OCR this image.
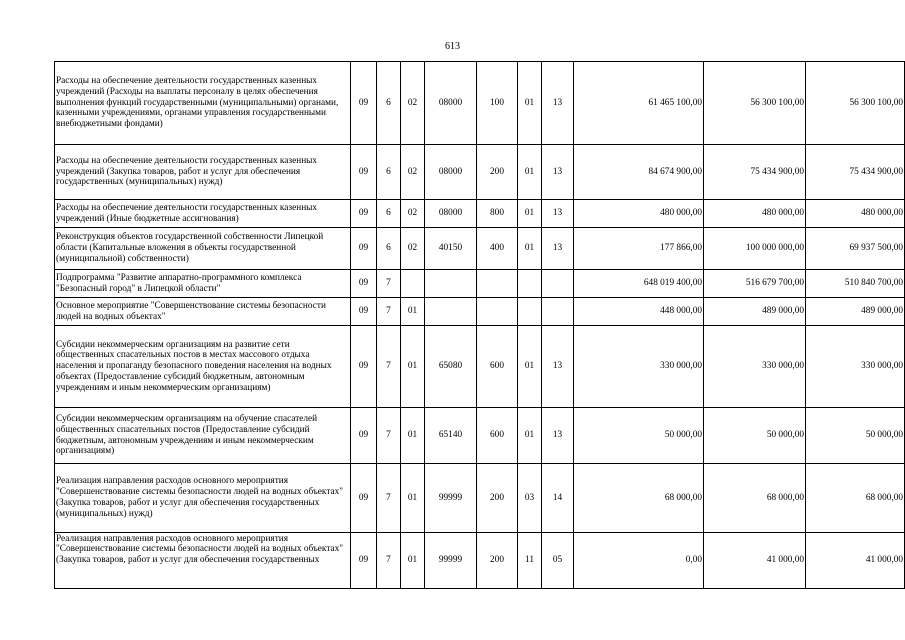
613
Расходы на обеспечение деятельности государственных казенных учреждений (Расходы на выплаты персоналу в целях обеспечения выполнения функций государственными (муниципальными) органами, казенными учреждениями, органами управления государственными внебюджетными фондами)	09	6	02	08000	100	01	13	61 465 100,00	56 300 100,00	56 300 100,00
Расходы на обеспечение деятельности государственных казенных учреждений (Закупка товаров, работ и услуг для обеспечения государственных (муниципальных) нужд)	09	6	02	08000	200	01	13	84 674 900,00	75 434 900,00	75 434 900,00
Расходы на обеспечение деятельности государственных казенных учреждений (Иные бюджетные ассигнования)	09	6	02	08000	800	01	13	480 000,00	480 000,00	480 000,00
Реконструкция объектов государственной собственности Липецкой области (Капитальные вложения в объекты государственной (муниципальной) собственности)	09	6	02	40150	400	01	13	177 866,00	100 000 000,00	69 937 500,00
Подпрограмма "Развитие аппаратно-программного комплекса "Безопасный город" в Липецкой области"	09	7						648 019 400,00	516 679 700,00	510 840 700,00
Основное мероприятие "Совершенствование системы безопасности людей на водных объектах"	09	7	01					448 000,00	489 000,00	489 000,00
Субсидии некоммерческим организациям на развитие сети общественных спасательных постов в местах массового отдыха населения и пропаганду безопасного поведения населения на водных объектах (Предоставление субсидий бюджетным, автономным учреждениям и иным некоммерческим организациям)	09	7	01	65080	600	01	13	330 000,00	330 000,00	330 000,00
Субсидии некоммерческим организациям на обучение спасателей общественных спасательных постов (Предоставление субсидий бюджетным, автономным учреждениям и иным некоммерческим организациям)	09	7	01	65140	600	01	13	50 000,00	50 000,00	50 000,00
Реализация направления расходов основного мероприятия "Совершенствование системы безопасности людей на водных объектах" (Закупка товаров, работ и услуг для обеспечения государственных (муниципальных) нужд)	09	7	01	99999	200	03	14	68 000,00	68 000,00	68 000,00

Реализация направления расходов основного мероприятия "Совершенствование системы безопасности людей на водных объектах" (Закупка товаров, работ и услуг для обеспечения государственных	09	7	01	99999	200	11	05	0,00	41 000,00	41 000,00
